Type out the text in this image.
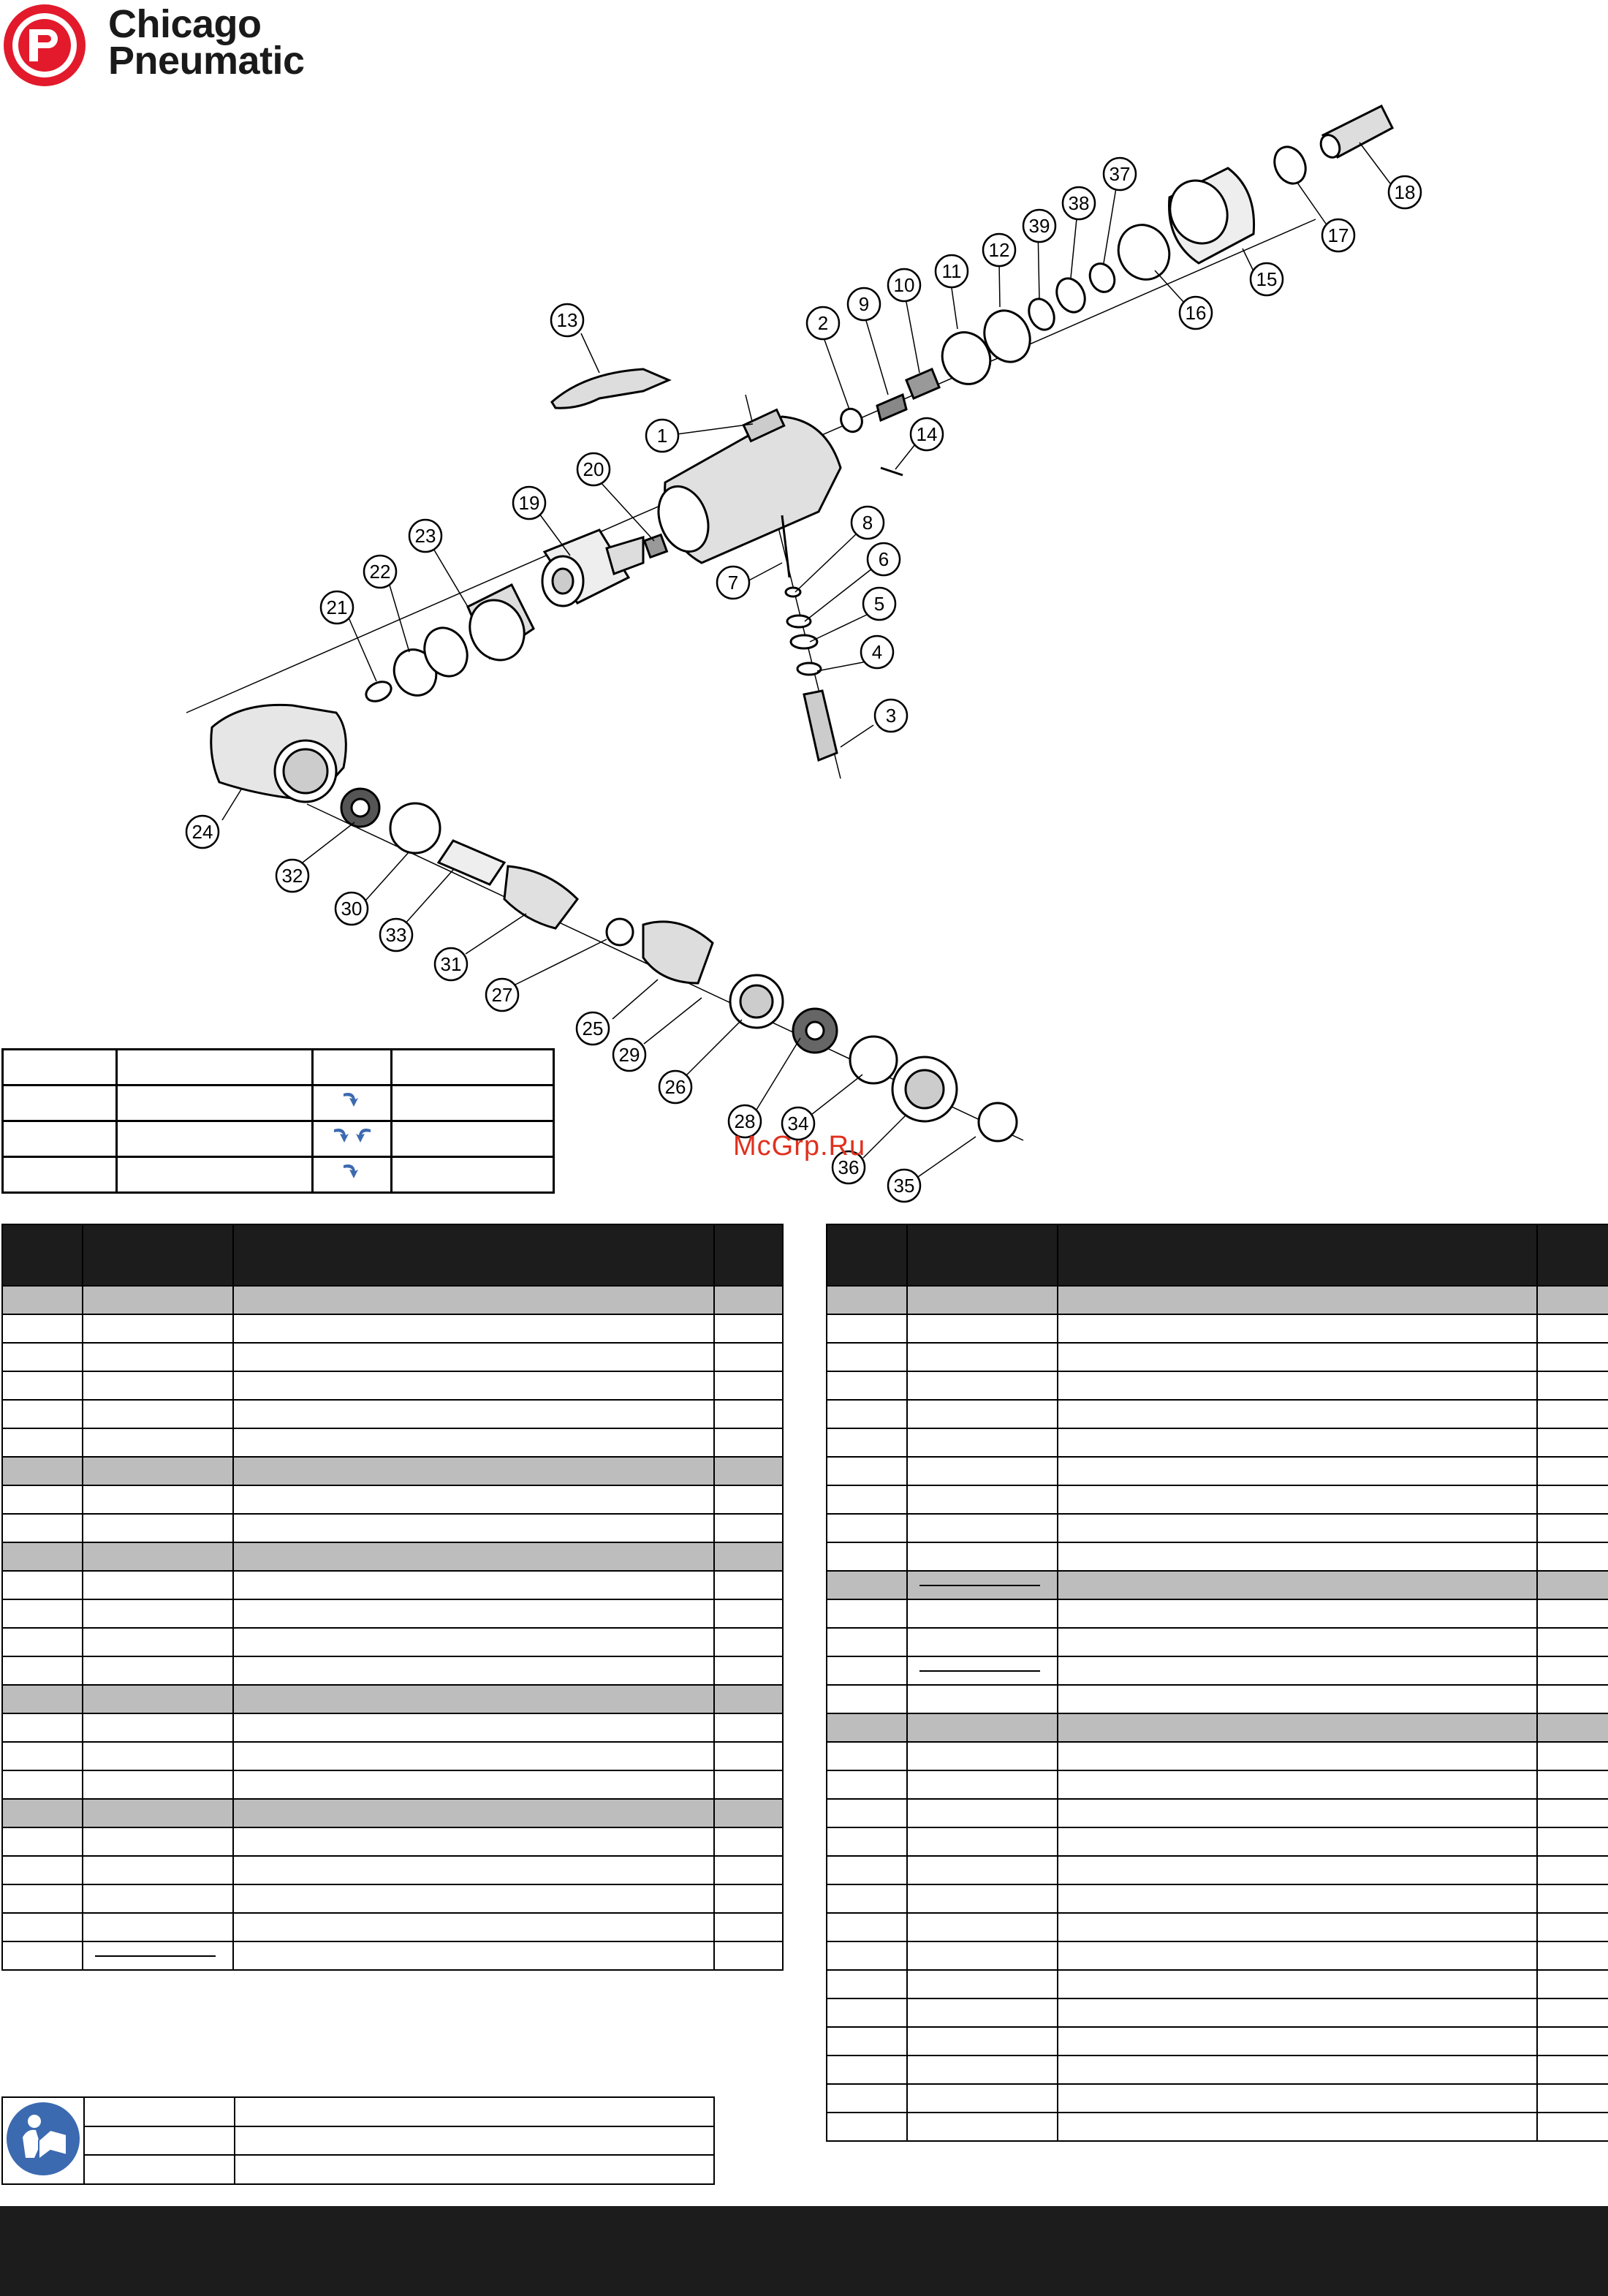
Chicago
Pneumatic
1
2
3
4
5
6
7
8
9
10
11
12
13
14
15
16
17
18
19
20
21
22
23
24
25
26
27
28
29
30
31
32
33
34
35
36
37
38
39
McGrp.Ru
